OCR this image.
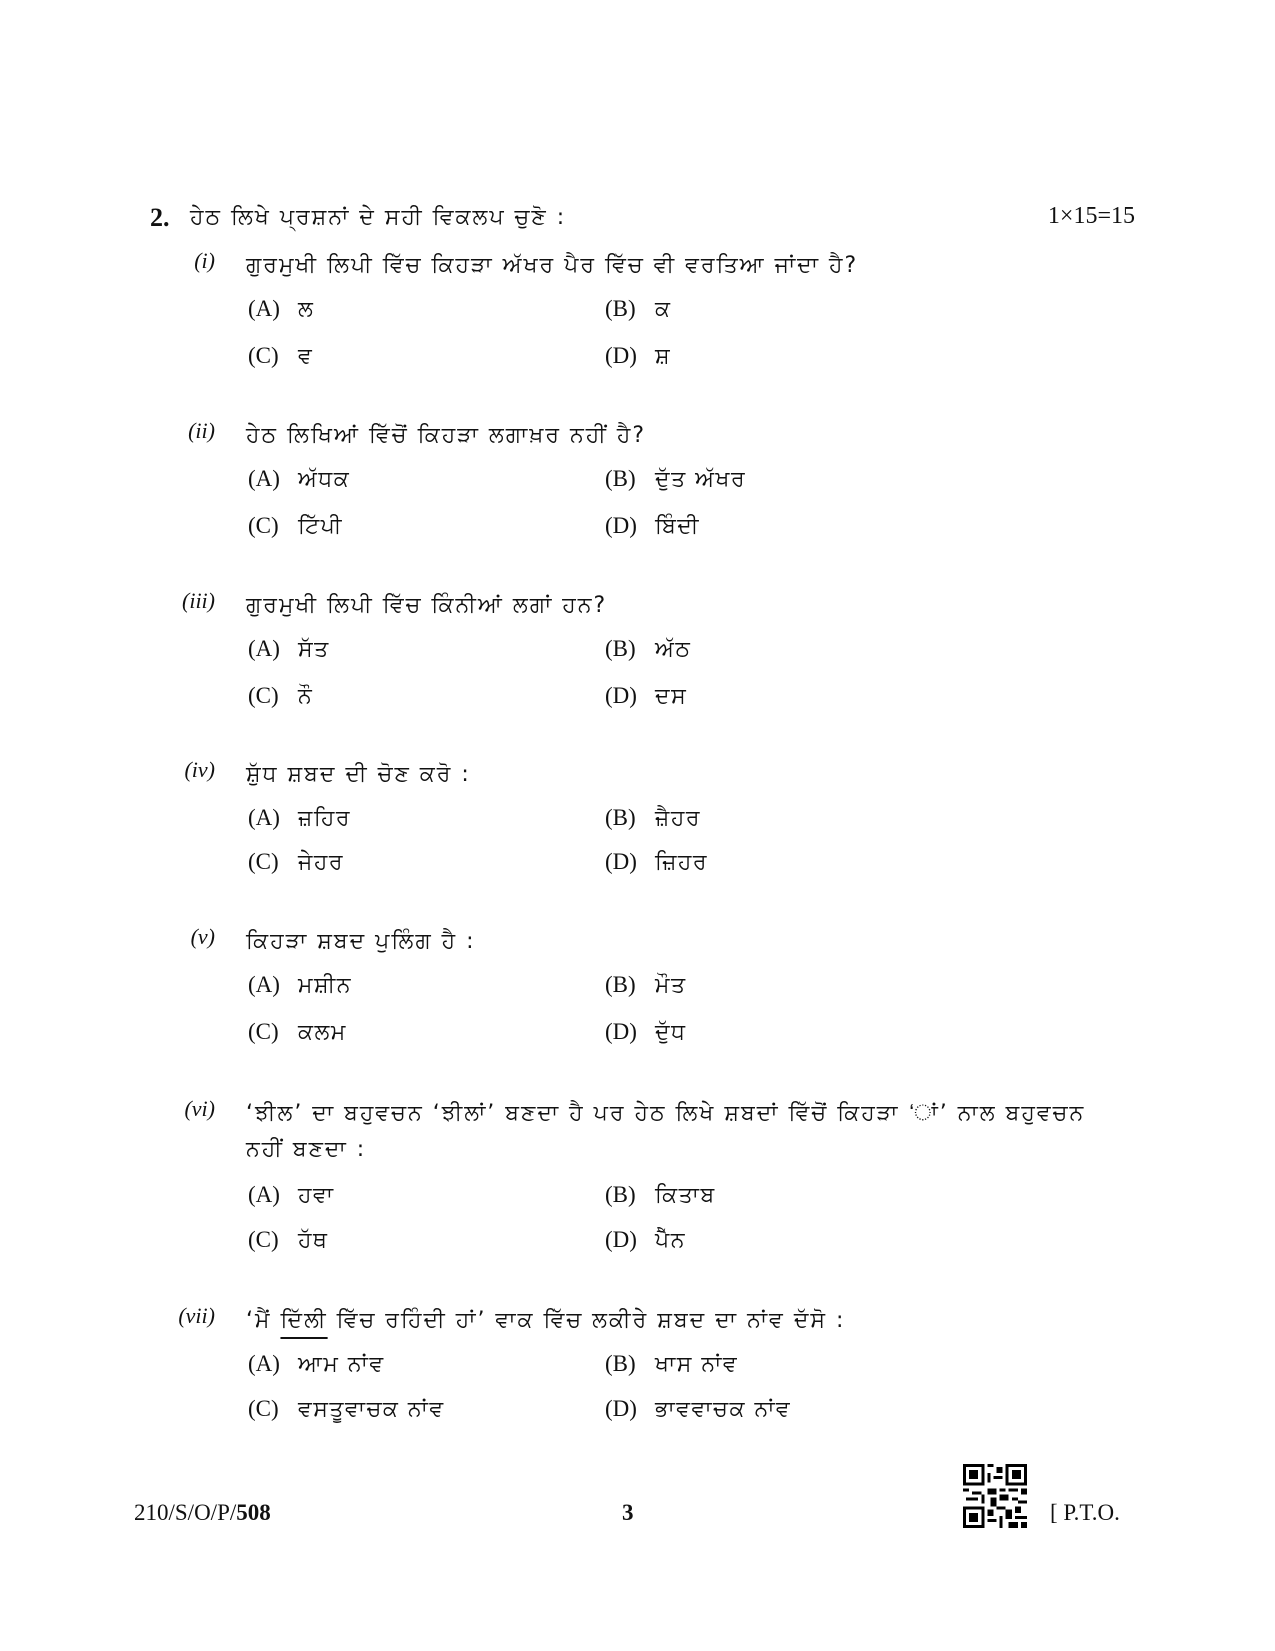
2. ਹੇਠ ਲਿਖੇ ਪ੍ਰਸ਼ਨਾਂ ਦੇ ਸਹੀ ਵਿਕਲਪ ਚੁਣੋ :	1×15=15
(i) ਗੁਰਮੁਖੀ ਲਿਪੀ ਵਿੱਚ ਕਿਹੜਾ ਅੱਖਰ ਪੈਰ ਵਿੱਚ ਵੀ ਵਰਤਿਆ ਜਾਂਦਾ ਹੈ?
(A) ਲ	(B) ਕ
(C) ਵ	(D) ਸ਼
(ii) ਹੇਠ ਲਿਖਿਆਂ ਵਿੱਚੋਂ ਕਿਹੜਾ ਲਗਾਖ਼ਰ ਨਹੀਂ ਹੈ?
(A) ਅੱਧਕ	(B) ਦੁੱਤ ਅੱਖਰ
(C) ਟਿੱਪੀ	(D) ਬਿੰਦੀ
(iii) ਗੁਰਮੁਖੀ ਲਿਪੀ ਵਿੱਚ ਕਿੰਨੀਆਂ ਲਗਾਂ ਹਨ?
(A) ਸੱਤ	(B) ਅੱਠ
(C) ਨੌ	(D) ਦਸ
(iv) ਸ਼ੁੱਧ ਸ਼ਬਦ ਦੀ ਚੋਣ ਕਰੋ :
(A) ਜ਼ਹਿਰ	(B) ਜ਼ੈਹਰ
(C) ਜੇਹਰ	(D) ਜ਼ਿਹਰ
(v) ਕਿਹੜਾ ਸ਼ਬਦ ਪੁਲਿੰਗ ਹੈ :
(A) ਮਸ਼ੀਨ	(B) ਮੌਤ
(C) ਕਲਮ	(D) ਦੁੱਧ
(vi) ‘ਝੀਲ’ ਦਾ ਬਹੁਵਚਨ ‘ਝੀਲਾਂ’ ਬਣਦਾ ਹੈ ਪਰ ਹੇਠ ਲਿਖੇ ਸ਼ਬਦਾਂ ਵਿੱਚੋਂ ਕਿਹੜਾ ‘ਾਂ’ ਨਾਲ ਬਹੁਵਚਨ ਨਹੀਂ ਬਣਦਾ :
(A) ਹਵਾ	(B) ਕਿਤਾਬ
(C) ਹੱਥ	(D) ਪੈੱਨ
(vii) ‘ਮੈਂ ਦਿੱਲੀ ਵਿੱਚ ਰਹਿੰਦੀ ਹਾਂ’ ਵਾਕ ਵਿੱਚ ਲਕੀਰੇ ਸ਼ਬਦ ਦਾ ਨਾਂਵ ਦੱਸੋ :
(A) ਆਮ ਨਾਂਵ	(B) ਖਾਸ ਨਾਂਵ
(C) ਵਸਤੂਵਾਚਕ ਨਾਂਵ	(D) ਭਾਵਵਾਚਕ ਨਾਂਵ
210/S/O/P/508	3	[ P.T.O.
